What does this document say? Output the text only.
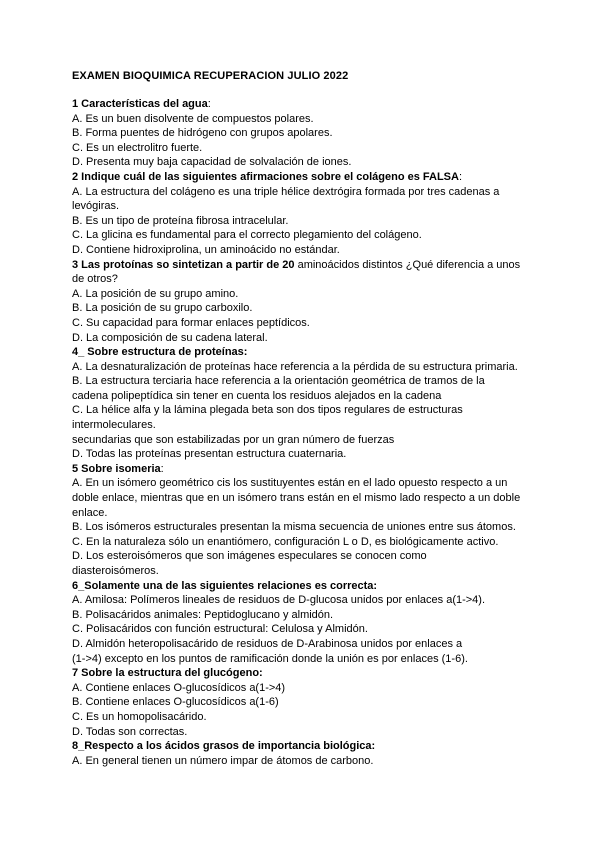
EXAMEN BIOQUIMICA RECUPERACION JULIO 2022
1 Características del agua:
A. Es un buen disolvente de compuestos polares.
B. Forma puentes de hidrógeno con grupos apolares.
C. Es un electrolitro fuerte.
D. Presenta muy baja capacidad de solvalación de iones.
2 Indique cuál de las siguientes afirmaciones sobre el colágeno es FALSA:
A. La estructura del colágeno es una triple hélice dextrógira formada por tres cadenas a
levógiras.
B. Es un tipo de proteína fibrosa intracelular.
C. La glicina es fundamental para el correcto plegamiento del colágeno.
D. Contiene hidroxiprolina, un aminoácido no estándar.
3 Las protoínas so sintetizan a partir de 20 aminoácidos distintos ¿Qué diferencia a unos
de otros?
A. La posición de su grupo amino.
B. La posición de su grupo carboxilo.
C. Su capacidad para formar enlaces peptídicos.
D. La composición de su cadena lateral.
4_ Sobre estructura de proteínas:
A. La desnaturalización de proteínas hace referencia a la pérdida de su estructura primaria.
B. La estructura terciaria hace referencia a la orientación geométrica de tramos de la
cadena polipeptídica sin tener en cuenta los residuos alejados en la cadena
C. La hélice alfa y la lámina plegada beta son dos tipos regulares de estructuras
intermoleculares.
secundarias que son estabilizadas por un gran número de fuerzas
D. Todas las proteínas presentan estructura cuaternaria.
5 Sobre isomeria:
A. En un isómero geométrico cis los sustituyentes están en el lado opuesto respecto a un
doble enlace, mientras que en un isómero trans están en el mismo lado respecto a un doble
enlace.
B. Los isómeros estructurales presentan la misma secuencia de uniones entre sus átomos.
C. En la naturaleza sólo un enantiómero, configuración L o D, es biológicamente activo.
D. Los esteroisómeros que son imágenes especulares se conocen como
diasteroisómeros.
6_Solamente una de las siguientes relaciones es correcta:
A. Amilosa: Polímeros lineales de residuos de D-glucosa unidos por enlaces a(1->4).
B. Polisacáridos animales: Peptidoglucano y almidón.
C. Polisacáridos con función estructural: Celulosa y Almidón.
D. Almidón heteropolisacárido de residuos de D-Arabinosa unidos por enlaces a
(1->4) excepto en los puntos de ramificación donde la unión es por enlaces (1-6).
7 Sobre la estructura del glucógeno:
A. Contiene enlaces O-glucosídicos a(1->4)
B. Contiene enlaces O-glucosídicos a(1-6)
C. Es un homopolisacárido.
D. Todas son correctas.
8_Respecto a los ácidos grasos de importancia biológica:
A. En general tienen un número impar de átomos de carbono.
